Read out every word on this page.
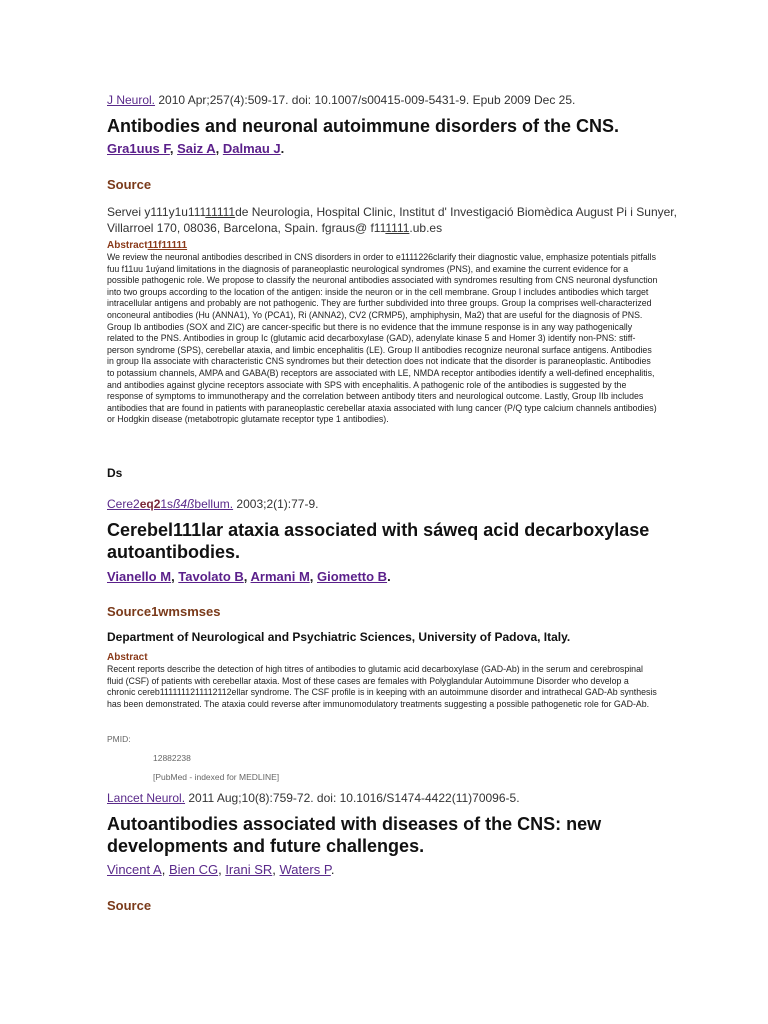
J Neurol. 2010 Apr;257(4):509-17. doi: 10.1007/s00415-009-5431-9. Epub 2009 Dec 25.
Antibodies and neuronal autoimmune disorders of the CNS.
Gra1uus F, Saiz A, Dalmau J.
Source
Servei y111y1u11111111de Neurologia, Hospital Clinic, Institut d' Investigació Biomèdica August Pi i Sunyer, Villarroel 170, 08036, Barcelona, Spain. fgraus@ f111111.ub.es
Abstract11f11111
We review the neuronal antibodies described in CNS disorders in order to e1111226clarify their diagnostic value, emphasize potentials pitfalls fuu f11uu 1uýand limitations in the diagnosis of paraneoplastic neurological syndromes (PNS), and examine the current evidence for a possible pathogenic role. We propose to classify the neuronal antibodies associated with syndromes resulting from CNS neuronal dysfunction into two groups according to the location of the antigen: inside the neuron or in the cell membrane. Group I includes antibodies which target intracellular antigens and probably are not pathogenic. They are further subdivided into three groups. Group Ia comprises well-characterized onconeural antibodies (Hu (ANNA1), Yo (PCA1), Ri (ANNA2), CV2 (CRMP5), amphiphysin, Ma2) that are useful for the diagnosis of PNS. Group Ib antibodies (SOX and ZIC) are cancer-specific but there is no evidence that the immune response is in any way pathogenically related to the PNS. Antibodies in group Ic (glutamic acid decarboxylase (GAD), adenylate kinase 5 and Homer 3) identify non-PNS: stiff-person syndrome (SPS), cerebellar ataxia, and limbic encephalitis (LE). Group II antibodies recognize neuronal surface antigens. Antibodies in group IIa associate with characteristic CNS syndromes but their detection does not indicate that the disorder is paraneoplastic. Antibodies to potassium channels, AMPA and GABA(B) receptors are associated with LE, NMDA receptor antibodies identify a well-defined encephalitis, and antibodies against glycine receptors associate with SPS with encephalitis. A pathogenic role of the antibodies is suggested by the response of symptoms to immunotherapy and the correlation between antibody titers and neurological outcome. Lastly, Group IIb includes antibodies that are found in patients with paraneoplastic cerebellar ataxia associated with lung cancer (P/Q type calcium channels antibodies) or Hodgkin disease (metabotropic glutamate receptor type 1 antibodies).
Ds
Cere2eq21sß4ßbellum. 2003;2(1):77-9.
Cerebel111lar ataxia associated with sáweq acid decarboxylase autoantibodies.
Vianello M, Tavolato B, Armani M, Giometto B.
Source1wmsmses
Department of Neurological and Psychiatric Sciences, University of Padova, Italy.
Abstract
Recent reports describe the detection of high titres of antibodies to glutamic acid decarboxylase (GAD-Ab) in the serum and cerebrospinal fluid (CSF) of patients with cerebellar ataxia. Most of these cases are females with Polyglandular Autoimmune Disorder who develop a chronic cereb1111111211112112ellar syndrome. The CSF profile is in keeping with an autoimmune disorder and intrathecal GAD-Ab synthesis has been demonstrated. The ataxia could reverse after immunomodulatory treatments suggesting a possible pathogenetic role for GAD-Ab.
PMID:
12882238
[PubMed - indexed for MEDLINE]
Lancet Neurol. 2011 Aug;10(8):759-72. doi: 10.1016/S1474-4422(11)70096-5.
Autoantibodies associated with diseases of the CNS: new developments and future challenges.
Vincent A, Bien CG, Irani SR, Waters P.
Source
